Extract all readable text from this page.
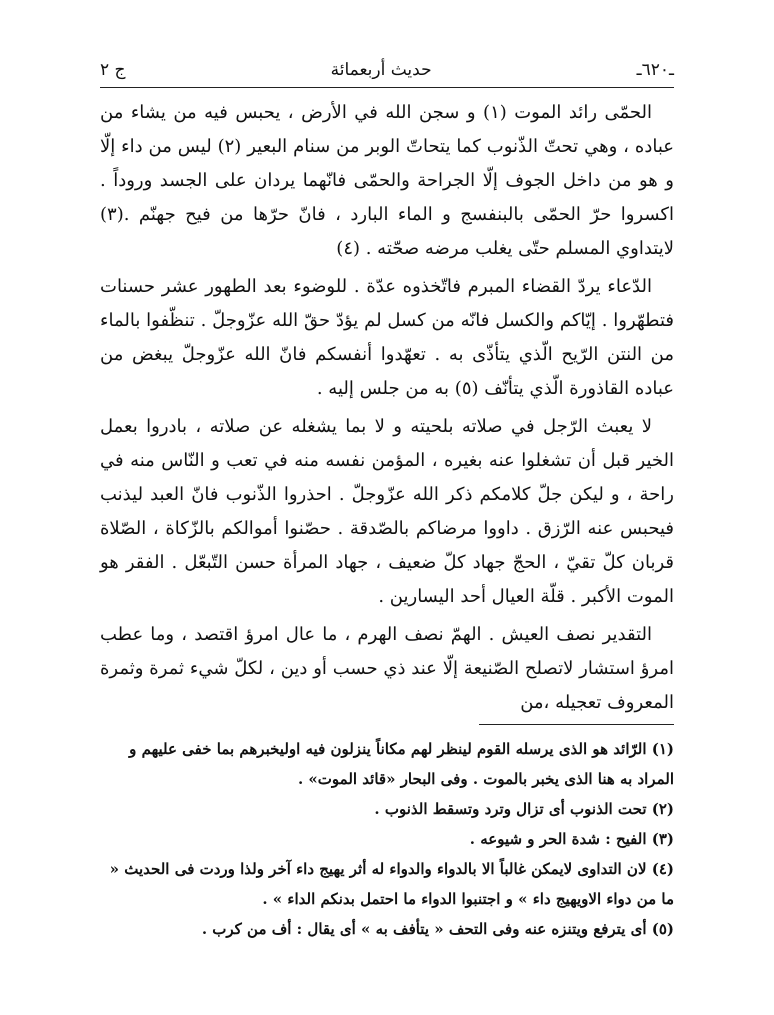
ـ٦٢٠ـ
حديث أربعمائة
ج ٢

الحمّى رائد الموت (١) و سجن الله في الأرض ، يحبس فيه من يشاء من عباده ، وهي تحتّ الذّنوب كما يتحاتّ الوبر من سنام البعير (٢) ليس من داء إلّا و هو من داخل الجوف إلّا الجراحة والحمّى فانّهما يردان على الجسد وروداً . اكسروا حرّ الحمّى بالبنفسج و الماء البارد ، فانّ حرّها من فيح جهنّم .(٣) لايتداوي المسلم حتّى يغلب مرضه صحّته . (٤)

الدّعاء يردّ القضاء المبرم فاتّخذوه عدّة . للوضوء بعد الطهور عشر حسنات فتطهّروا . إيّاكم والكسل فانّه من كسل لم يؤدّ حقّ الله عزّوجلّ . تنظّفوا بالماء من النتن الرّيح الّذي يتأذّى به . تعهّدوا أنفسكم فانّ الله عزّوجلّ يبغض من عباده القاذورة الّذي يتأنّف (٥) به من جلس إليه .

لا يعبث الرّجل في صلاته بلحيته و لا بما يشغله عن صلاته ، بادروا بعمل الخير قبل أن تشغلوا عنه بغيره ، المؤمن نفسه منه في تعب و النّاس منه في راحة ، و ليكن جلّ كلامكم ذكر الله عزّوجلّ . احذروا الذّنوب فانّ العبد ليذنب فيحبس عنه الرّزق . داووا مرضاكم بالصّدقة . حصّنوا أموالكم بالزّكاة ، الصّلاة قربان كلّ تقيّ ، الحجّ جهاد كلّ ضعيف ، جهاد المرأة حسن التّبعّل . الفقر هو الموت الأكبر . قلّة العيال أحد اليسارين .

التقدير نصف العيش . الهمّ نصف الهرم ، ما عال امرؤ اقتصد ، وما عطب امرؤ استشار لاتصلح الصّنيعة إلّا عند ذي حسب أو دين ، لكلّ شيء ثمرة وثمرة المعروف تعجيله ،من

(١) الرّائد هو الذى يرسله القوم لينظر لهم مكاناً ينزلون فيه اوليخبرهم بما خفى عليهم و المراد به هنا الذى يخبر بالموت . وفى البحار «قائد الموت» .
(٢) تحت الذنوب أى تزال وترد وتسقط الذنوب .
(٣) الفيح : شدة الحر و شيوعه .
(٤) لان التداوى لايمكن غالباً الا بالدواء والدواء له أثر يهيج داء آخر ولذا وردت فى الحديث « ما من دواء الاويهيج داء » و اجتنبوا الدواء ما احتمل بدنكم الداء » .
(٥) أى يترفع ويتنزه عنه وفى التحف « يتأفف به » أى يقال : أف من كرب .
